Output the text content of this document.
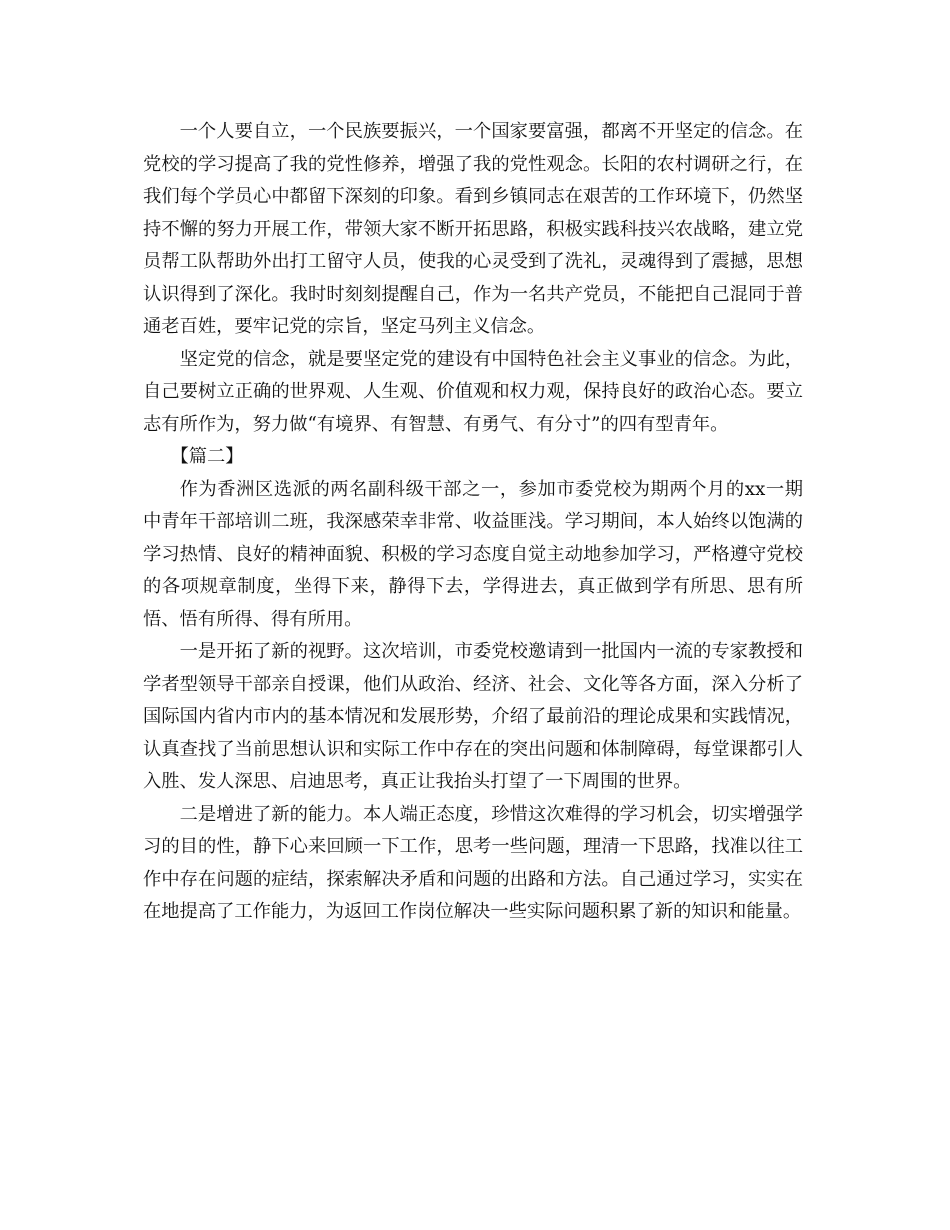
一个人要自立，一个民族要振兴，一个国家要富强，都离不开坚定的信念。在党校的学习提高了我的党性修养，增强了我的党性观念。长阳的农村调研之行，在我们每个学员心中都留下深刻的印象。看到乡镇同志在艰苦的工作环境下，仍然坚持不懈的努力开展工作，带领大家不断开拓思路，积极实践科技兴农战略，建立党员帮工队帮助外出打工留守人员，使我的心灵受到了洗礼，灵魂得到了震撼，思想认识得到了深化。我时时刻刻提醒自己，作为一名共产党员，不能把自己混同于普通老百姓，要牢记党的宗旨，坚定马列主义信念。

坚定党的信念，就是要坚定党的建设有中国特色社会主义事业的信念。为此，自己要树立正确的世界观、人生观、价值观和权力观，保持良好的政治心态。要立志有所作为，努力做“有境界、有智慧、有勇气、有分寸”的四有型青年。

【篇二】

作为香洲区选派的两名副科级干部之一，参加市委党校为期两个月的xx一期中青年干部培训二班，我深感荣幸非常、收益匪浅。学习期间，本人始终以饱满的学习热情、良好的精神面貌、积极的学习态度自觉主动地参加学习，严格遵守党校的各项规章制度，坐得下来，静得下去，学得进去，真正做到学有所思、思有所悟、悟有所得、得有所用。

一是开拓了新的视野。这次培训，市委党校邀请到一批国内一流的专家教授和学者型领导干部亲自授课，他们从政治、经济、社会、文化等各方面，深入分析了国际国内省内市内的基本情况和发展形势，介绍了最前沿的理论成果和实践情况，认真查找了当前思想认识和实际工作中存在的突出问题和体制障碍，每堂课都引人入胜、发人深思、启迪思考，真正让我抬头打望了一下周围的世界。

二是增进了新的能力。本人端正态度，珍惜这次难得的学习机会，切实增强学习的目的性，静下心来回顾一下工作，思考一些问题，理清一下思路，找准以往工作中存在问题的症结，探索解决矛盾和问题的出路和方法。自己通过学习，实实在在地提高了工作能力，为返回工作岗位解决一些实际问题积累了新的知识和能量。
